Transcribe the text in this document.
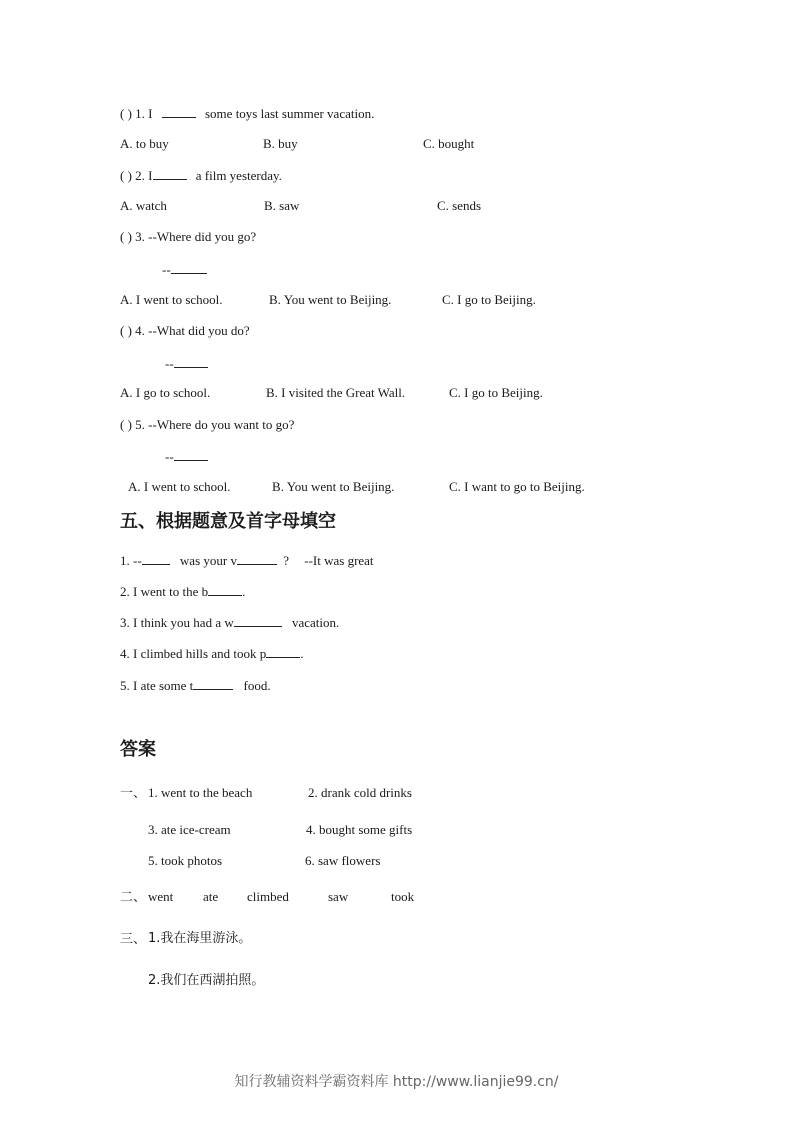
( ) 1. I	some toys last summer vacation.
A. to buy	B. buy	C. bought
( ) 2. I	a film yesterday.
A. watch	B. saw	C. sends
( ) 3. --Where did you go?
--
A. I went to school.	B. You went to Beijing.	C. I go to Beijing.
( ) 4. --What did you do?
--
A. I go to school.	B. I visited the Great Wall.	C. I go to Beijing.
( ) 5. --Where do you want to go?
--
A. I went to school.	B. You went to Beijing.	C. I want to go to Beijing.
五、根据题意及首字母填空
1. --	was your v	? --It was great
2. I went to the b	.
3. I think you had a w	vacation.
4. I climbed hills and took p	.
5. I ate some t	food.
答案
一、 1. went to the beach	2. drank cold drinks
3. ate ice-cream	4. bought some gifts
5. took photos	6. saw flowers
二、 went ate climbed	saw	took
三、 1.我在海里游泳。
2.我们在西湖拍照。
知行教辅资料学霸资料库 http://www.lianjie99.cn/
